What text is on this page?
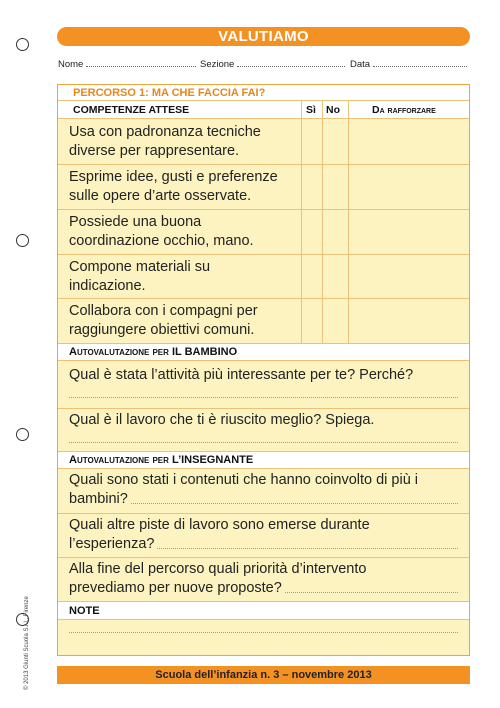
VALUTIAMO
Nome	Sezione	Data
PERCORSO 1: MA CHE FACCIA FAI?
COMPETENZE ATTESE	Sì No	Da rafforzare
Usa con padronanza tecniche
diverse per rappresentare.
Esprime idee, gusti e preferenze
sulle opere d’arte osservate.
Possiede una buona
coordinazione occhio, mano.
Compone materiali su
indicazione.
Collabora con i compagni per
raggiungere obiettivi comuni.
Autovalutazione per IL BAMBINO
Qual è stata l’attività più interessante per te? Perché?
Qual è il lavoro che ti è riuscito meglio? Spiega.
Autovalutazione per L’INSEGNANTE
Quali sono stati i contenuti che hanno coinvolto di più i
bambini?
Quali altre piste di lavoro sono emerse durante
l’esperienza?
Alla fine del percorso quali priorità d’intervento
prevediamo per nuove proposte?
NOTE
Scuola dell’infanzia n. 3 – novembre 2013
© 2013 Giunti Scuola S.r.l., Firenze
